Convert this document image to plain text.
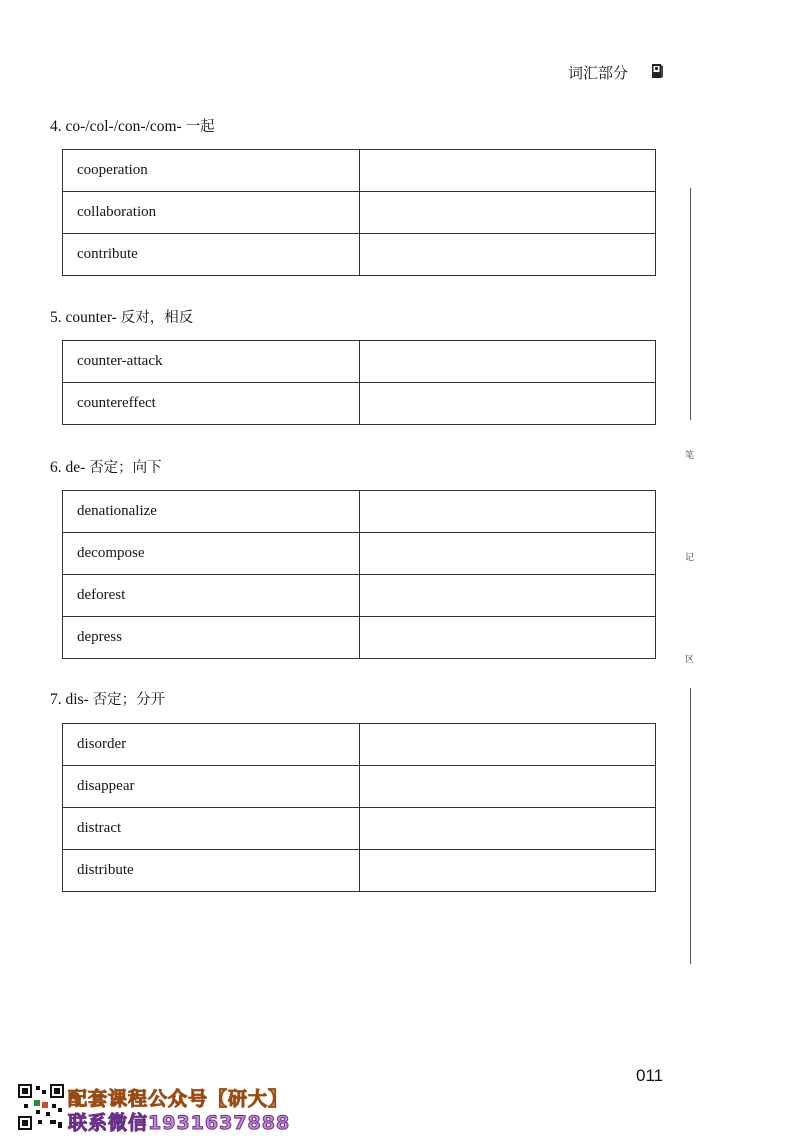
词汇部分
4. co-/col-/con-/com- 一起
cooperation	
collaboration	
contribute	
5. counter- 反对，相反
counter-attack	
countereffect	
6. de- 否定；向下
denationalize	
decompose	
deforest	
depress	
7. dis- 否定；分开
disorder	
disappear	
distract	
distribute	
笔
记
区
011
配套课程公众号【研大】
联系微信1931637888
